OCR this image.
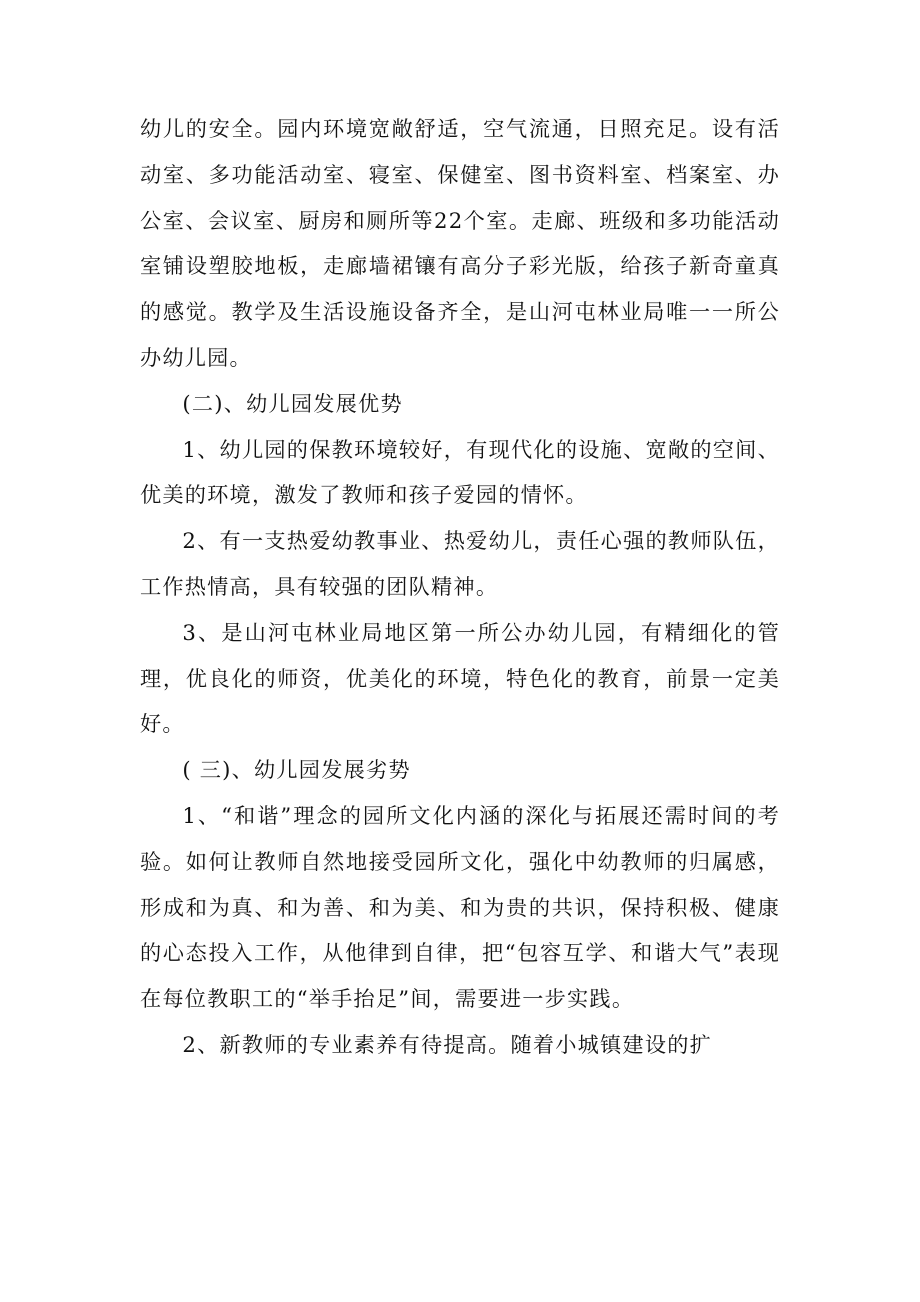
幼儿的安全。园内环境宽敞舒适，空气流通，日照充足。设有活动室、多功能活动室、寝室、保健室、图书资料室、档案室、办公室、会议室、厨房和厕所等22个室。走廊、班级和多功能活动室铺设塑胶地板，走廊墙裙镶有高分子彩光版，给孩子新奇童真的感觉。教学及生活设施设备齐全，是山河屯林业局唯一一所公办幼儿园。

(二)、幼儿园发展优势

1、幼儿园的保教环境较好，有现代化的设施、宽敞的空间、优美的环境，激发了教师和孩子爱园的情怀。

2、有一支热爱幼教事业、热爱幼儿，责任心强的教师队伍，工作热情高，具有较强的团队精神。

3、是山河屯林业局地区第一所公办幼儿园，有精细化的管理，优良化的师资，优美化的环境，特色化的教育，前景一定美好。

( 三)、幼儿园发展劣势

1、“和谐”理念的园所文化内涵的深化与拓展还需时间的考验。如何让教师自然地接受园所文化，强化中幼教师的归属感，形成和为真、和为善、和为美、和为贵的共识，保持积极、健康的心态投入工作，从他律到自律，把“包容互学、和谐大气”表现在每位教职工的“举手抬足”间，需要进一步实践。

2、新教师的专业素养有待提高。随着小城镇建设的扩
